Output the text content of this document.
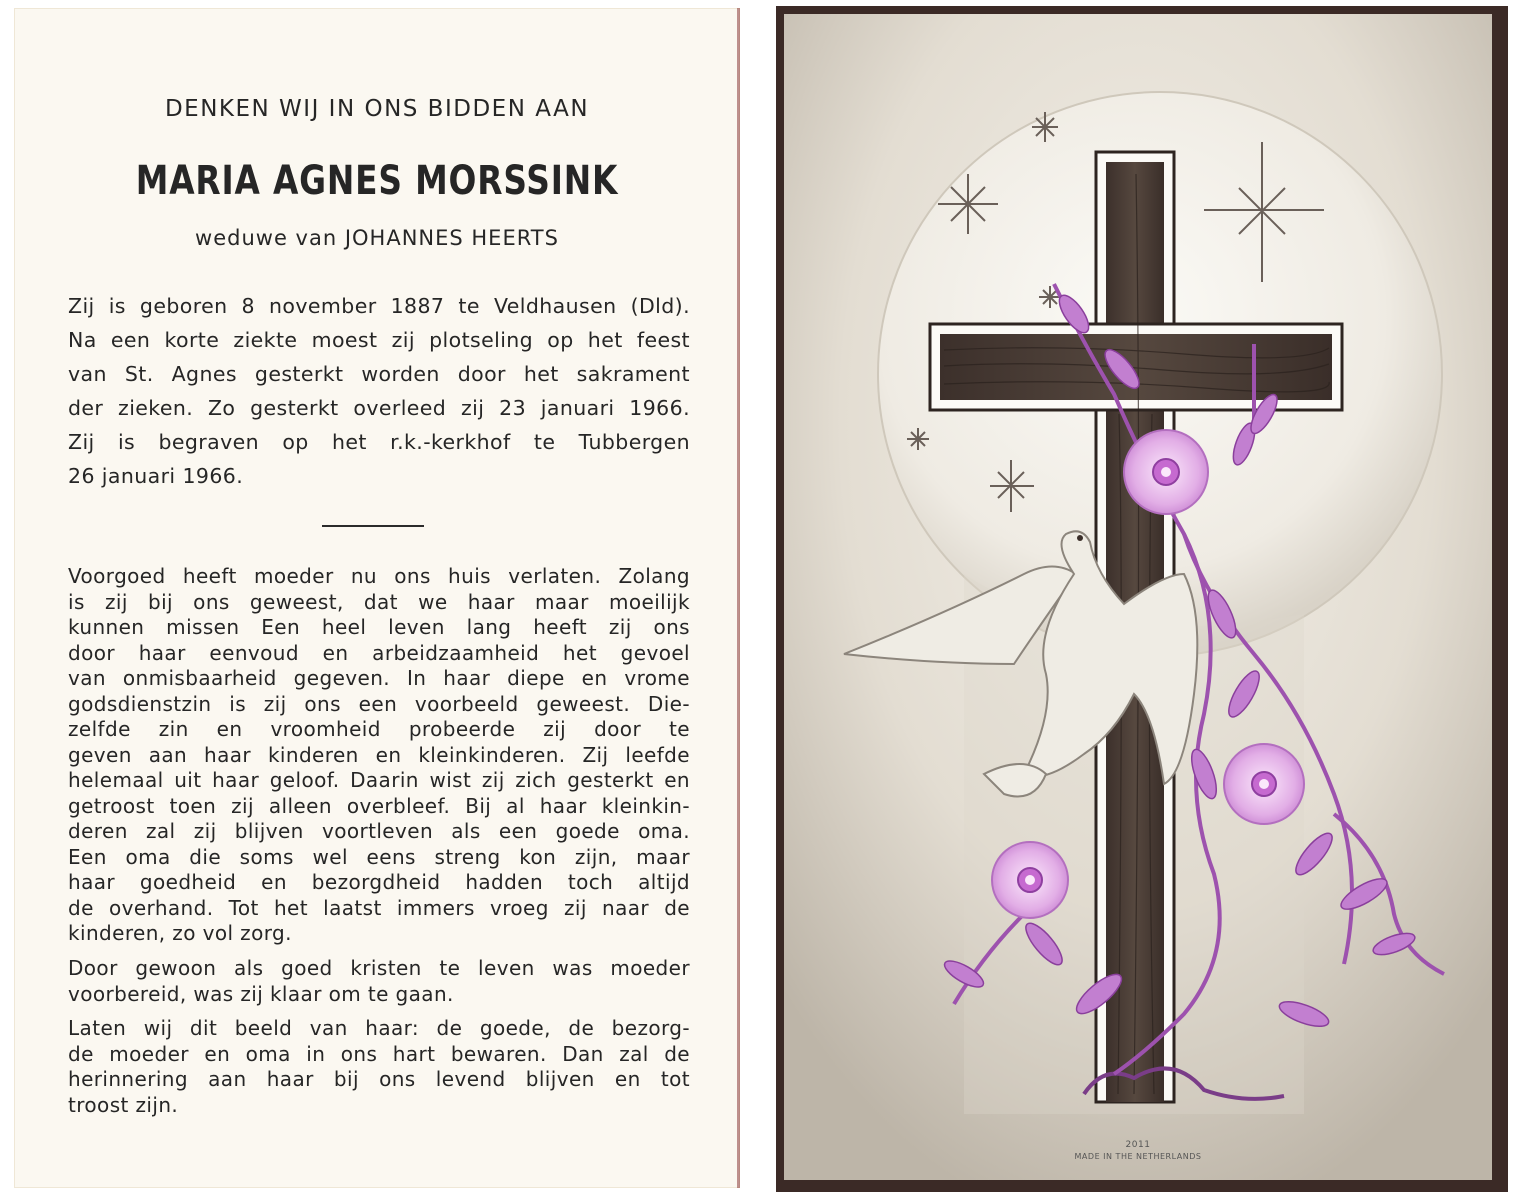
DENKEN WIJ IN ONS BIDDEN AAN

MARIA AGNES MORSSINK

weduwe van JOHANNES HEERTS

Zij is geboren 8 november 1887 te Veldhausen (Dld).
Na een korte ziekte moest zij plotseling op het feest
van St. Agnes gesterkt worden door het sakrament
der zieken. Zo gesterkt overleed zij 23 januari 1966.
Zij is begraven op het r.k.-kerkhof te Tubbergen
26 januari 1966.
Voorgoed heeft moeder nu ons huis verlaten. Zolang
is zij bij ons geweest, dat we haar maar moeilijk
kunnen missen Een heel leven lang heeft zij ons
door haar eenvoud en arbeidzaamheid het gevoel
van onmisbaarheid gegeven. In haar diepe en vrome
godsdienstzin is zij ons een voorbeeld geweest. Die-
zelfde zin en vroomheid probeerde zij door te
geven aan haar kinderen en kleinkinderen. Zij leefde
helemaal uit haar geloof. Daarin wist zij zich gesterkt en
getroost toen zij alleen overbleef. Bij al haar kleinkin-
deren zal zij blijven voortleven als een goede oma.
Een oma die soms wel eens streng kon zijn, maar
haar goedheid en bezorgdheid hadden toch altijd
de overhand. Tot het laatst immers vroeg zij naar de
kinderen, zo vol zorg.
Door gewoon als goed kristen te leven was moeder
voorbereid, was zij klaar om te gaan.
Laten wij dit beeld van haar: de goede, de bezorg-
de moeder en oma in ons hart bewaren. Dan zal de
herinnering aan haar bij ons levend blijven en tot
troost zijn.
2011
MADE IN THE NETHERLANDS
